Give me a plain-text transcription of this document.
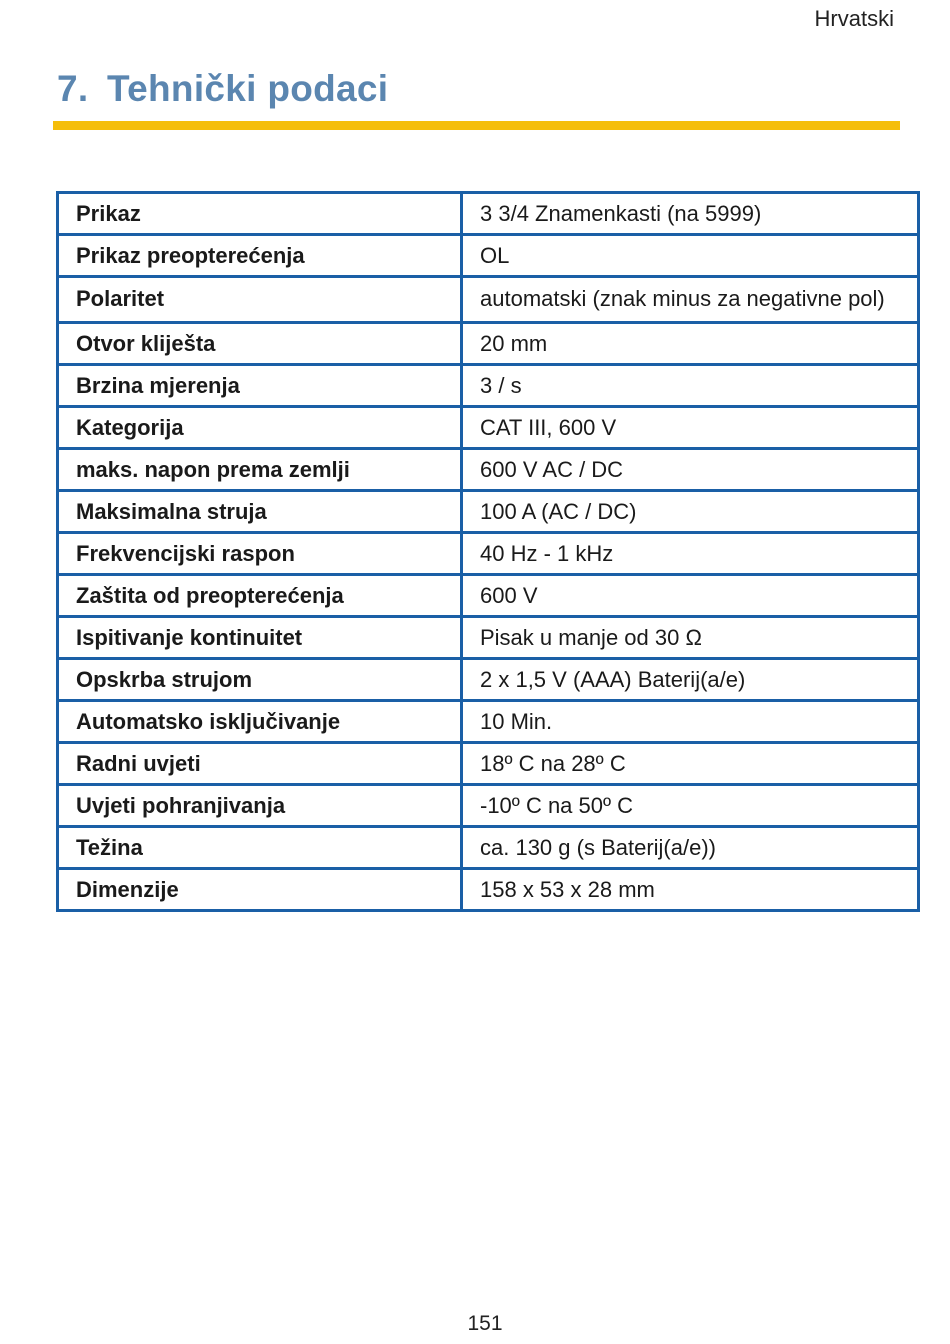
Hrvatski
7. Tehnički podaci
Prikaz	3 3/4 Znamenkasti (na 5999)
Prikaz preopterećenja	OL
Polaritet	automatski (znak minus za negativne pol)
Otvor kliješta	20 mm
Brzina mjerenja	3 / s
Kategorija	CAT III, 600 V
maks. napon prema zemlji	600 V AC / DC
Maksimalna struja	100 A (AC / DC)
Frekvencijski raspon	40 Hz - 1 kHz
Zaštita od preopterećenja	600 V
Ispitivanje kontinuitet	Pisak u manje od 30 Ω
Opskrba strujom	2 x 1,5 V (AAA) Baterij(a/e)
Automatsko isključivanje	10 Min.
Radni uvjeti	18º C na 28º C
Uvjeti pohranjivanja	-10º C na 50º C
Težina	ca. 130 g (s Baterij(a/e))
Dimenzije	158 x 53 x 28 mm
151
